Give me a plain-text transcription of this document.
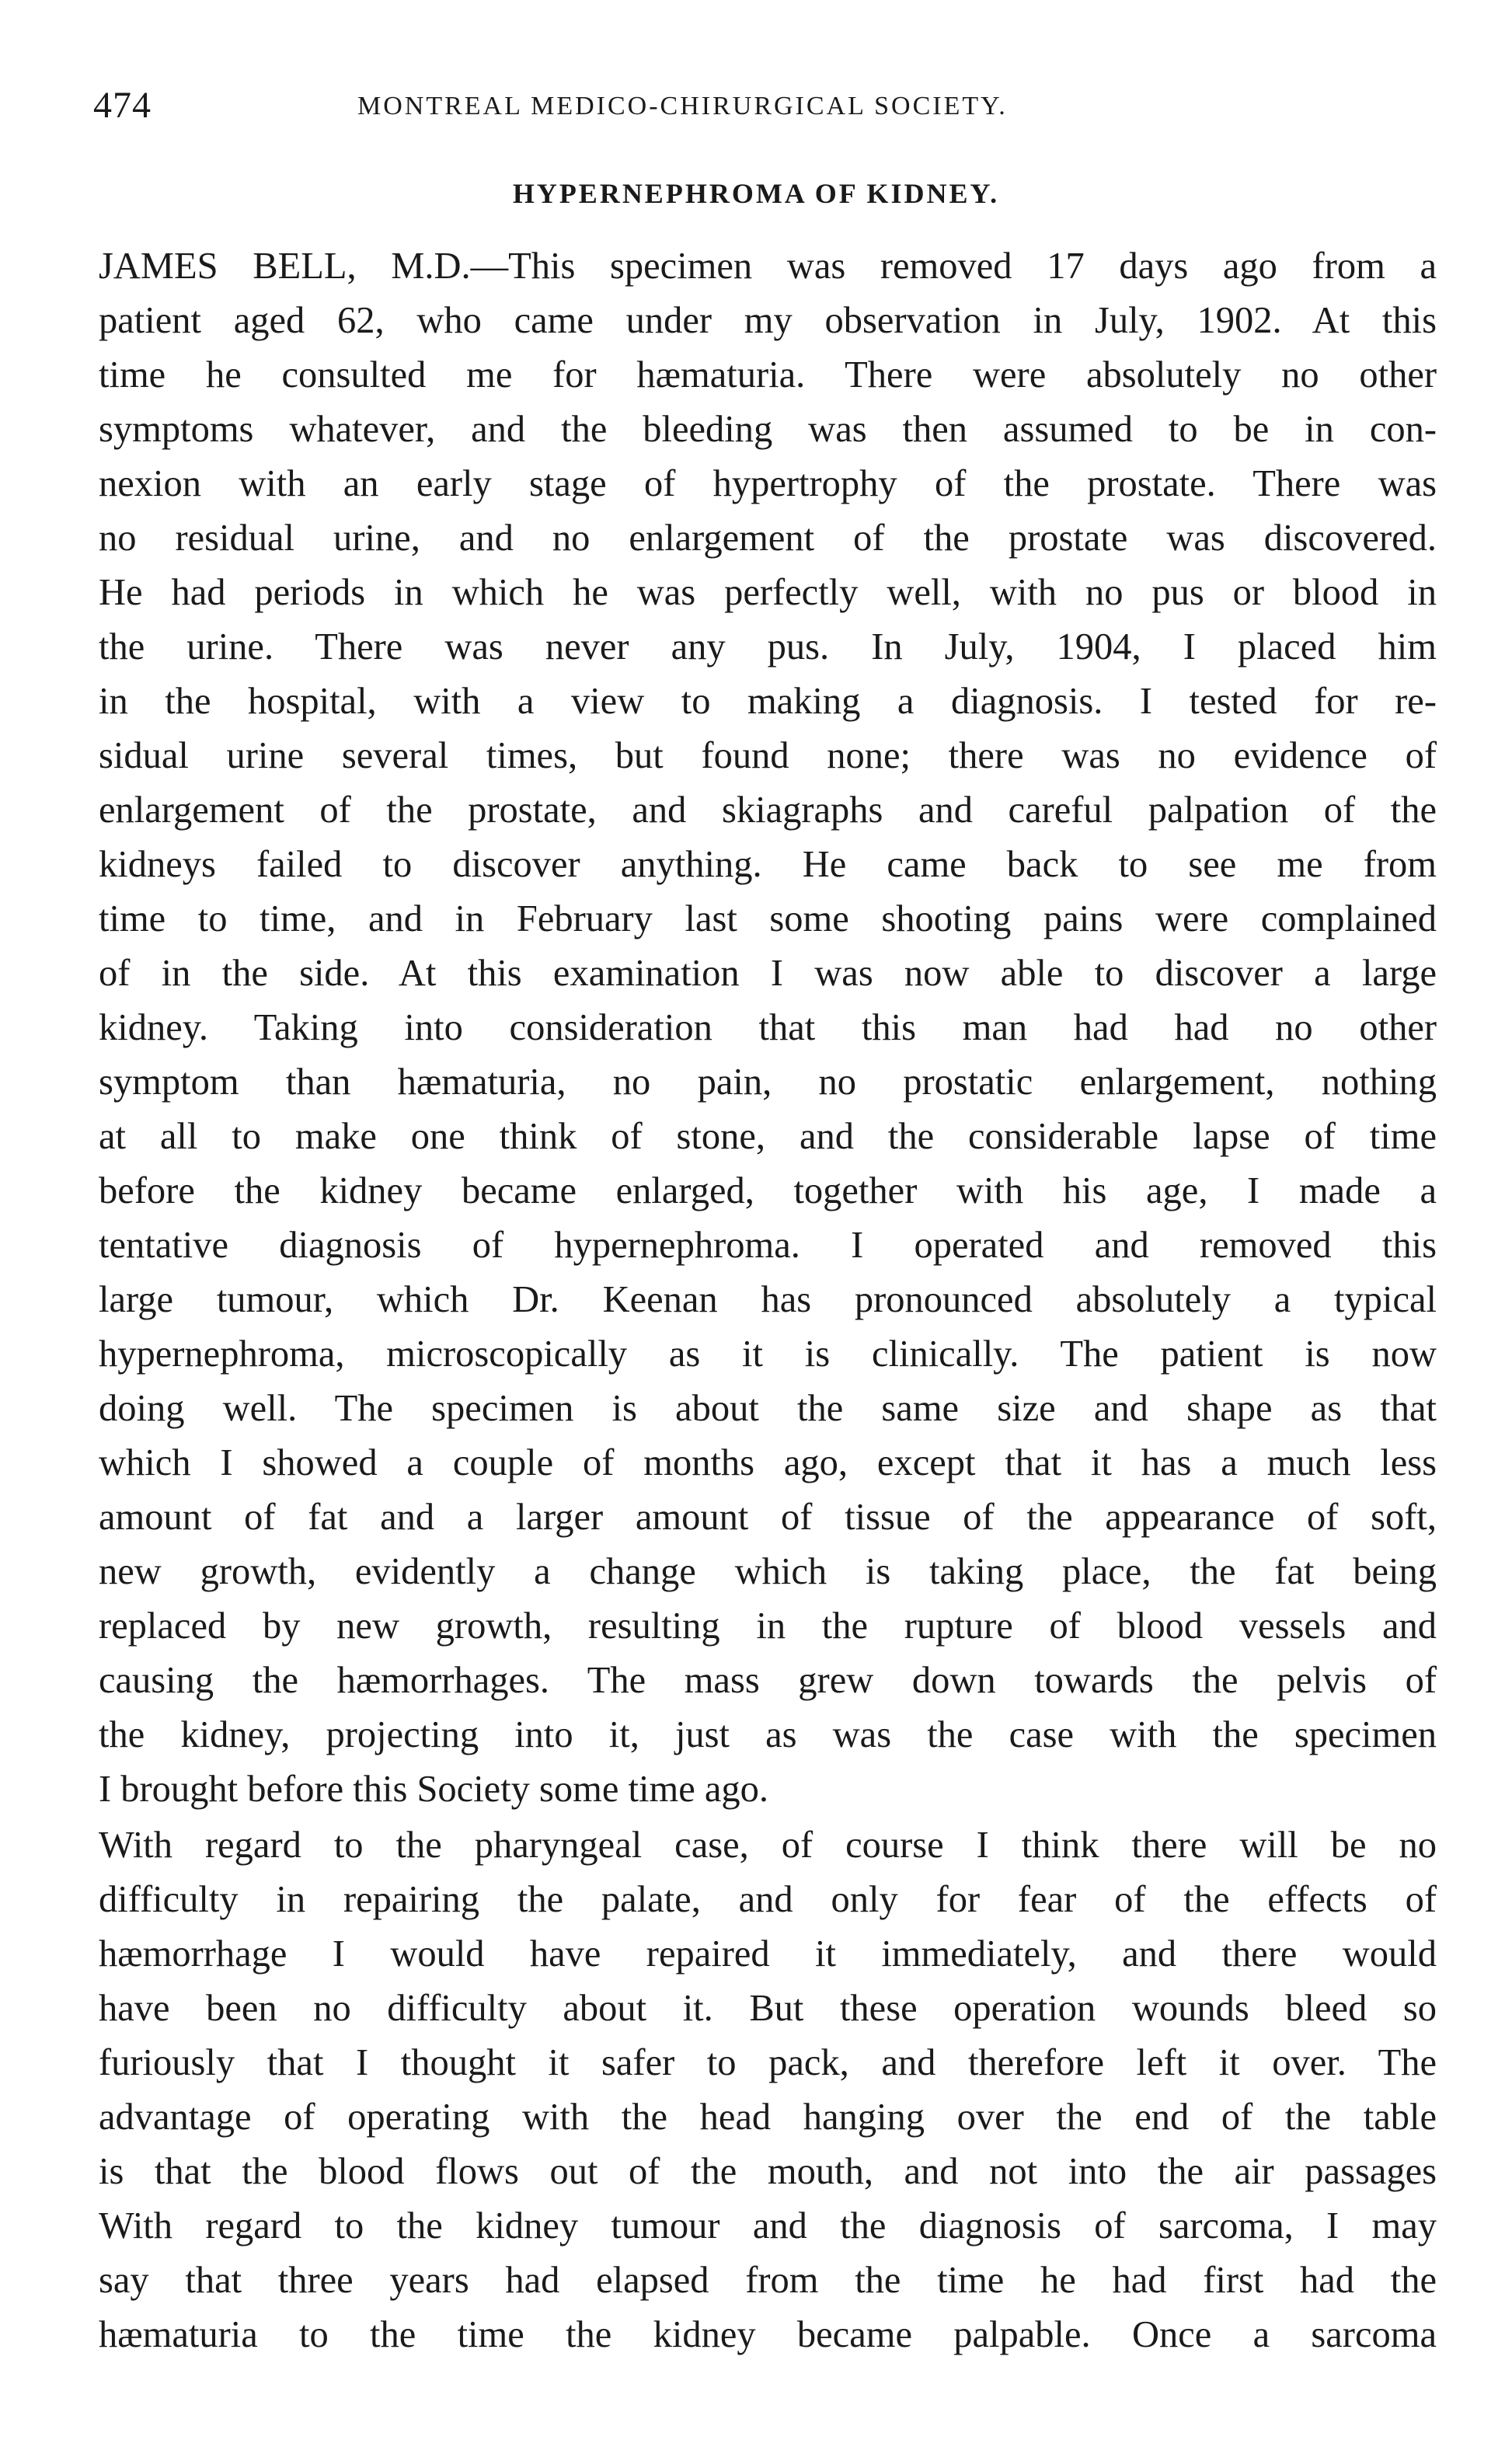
474	MONTREAL MEDICO-CHIRURGICAL SOCIETY.
HYPERNEPHROMA OF KIDNEY.
JAMES BELL, M.D.—This specimen was removed 17 days ago from a
patient aged 62, who came under my observation in July, 1902. At this
time he consulted me for hæmaturia. There were absolutely no other
symptoms whatever, and the bleeding was then assumed to be in con-
nexion with an early stage of hypertrophy of the prostate. There was
no residual urine, and no enlargement of the prostate was discovered.
He had periods in which he was perfectly well, with no pus or blood in
the urine. There was never any pus. In July, 1904, I placed him
in the hospital, with a view to making a diagnosis. I tested for re-
sidual urine several times, but found none; there was no evidence of
enlargement of the prostate, and skiagraphs and careful palpation of the
kidneys failed to discover anything. He came back to see me from
time to time, and in February last some shooting pains were complained
of in the side. At this examination I was now able to discover a large
kidney. Taking into consideration that this man had had no other
symptom than hæmaturia, no pain, no prostatic enlargement, nothing
at all to make one think of stone, and the considerable lapse of time
before the kidney became enlarged, together with his age, I made a
tentative diagnosis of hypernephroma. I operated and removed this
large tumour, which Dr. Keenan has pronounced absolutely a typical
hypernephroma, microscopically as it is clinically. The patient is now
doing well. The specimen is about the same size and shape as that
which I showed a couple of months ago, except that it has a much less
amount of fat and a larger amount of tissue of the appearance of soft,
new growth, evidently a change which is taking place, the fat being
replaced by new growth, resulting in the rupture of blood vessels and
causing the hæmorrhages. The mass grew down towards the pelvis of
the kidney, projecting into it, just as was the case with the specimen
I brought before this Society some time ago.
With regard to the pharyngeal case, of course I think there will be no
difficulty in repairing the palate, and only for fear of the effects of
hæmorrhage I would have repaired it immediately, and there would
have been no difficulty about it. But these operation wounds bleed so
furiously that I thought it safer to pack, and therefore left it over. The
advantage of operating with the head hanging over the end of the table
is that the blood flows out of the mouth, and not into the air passages
With regard to the kidney tumour and the diagnosis of sarcoma, I may
say that three years had elapsed from the time he had first had the
hæmaturia to the time the kidney became palpable. Once a sarcoma
